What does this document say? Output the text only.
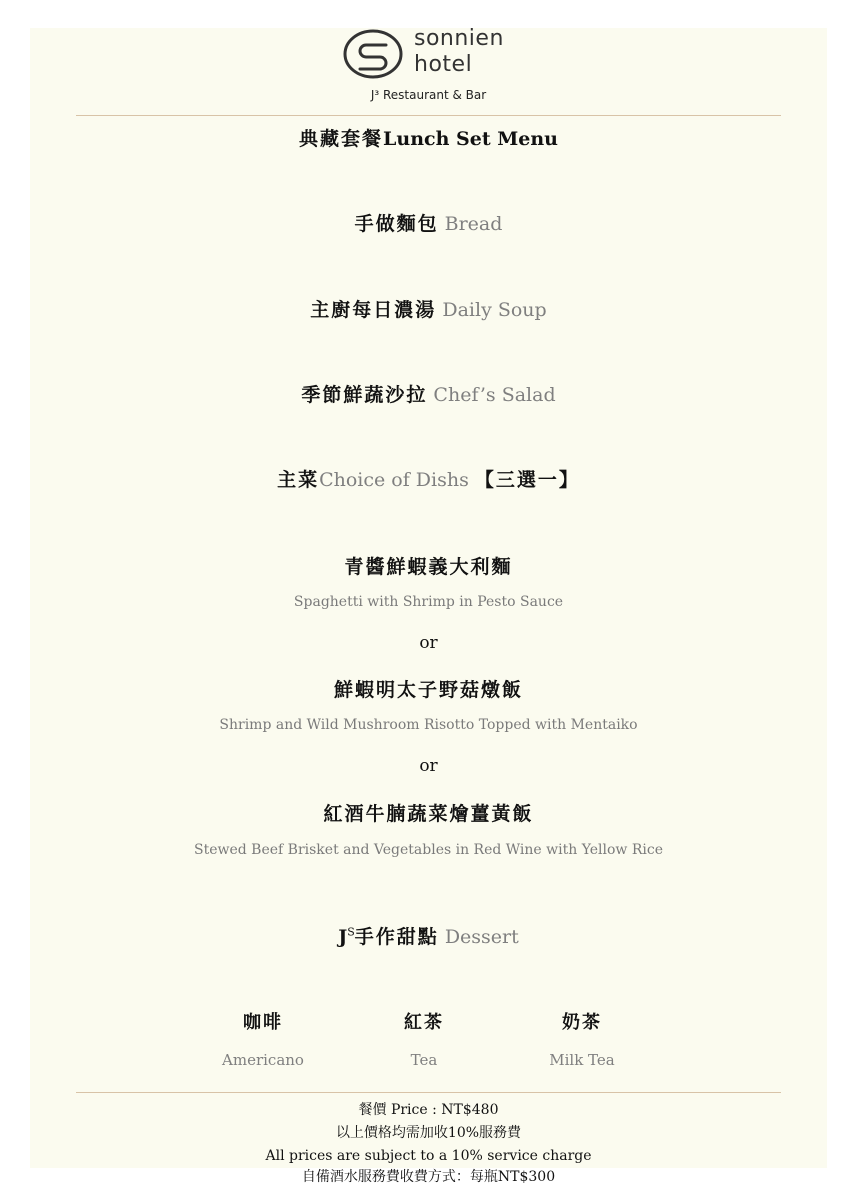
sonnien
hotel
J³ Restaurant & Bar
典藏套餐Lunch Set Menu
手做麵包 Bread
主廚每日濃湯 Daily Soup
季節鮮蔬沙拉 Chef’s Salad
主菜Choice of Dishs 【三選一】
青醬鮮蝦義大利麵
Spaghetti with Shrimp in Pesto Sauce
or
鮮蝦明太子野菇燉飯
Shrimp and Wild Mushroom Risotto Topped with Mentaiko
or
紅酒牛腩蔬菜燴薑黃飯
Stewed Beef Brisket and Vegetables in Red Wine with Yellow Rice
$J^S$手作甜點 Dessert
咖啡
Americano
紅茶
Tea
奶茶
Milk Tea
餐價 Price : NT$480
以上價格均需加收10%服務費
All prices are subject to a 10% service charge
自備酒水服務費收費方式：每瓶NT$300
